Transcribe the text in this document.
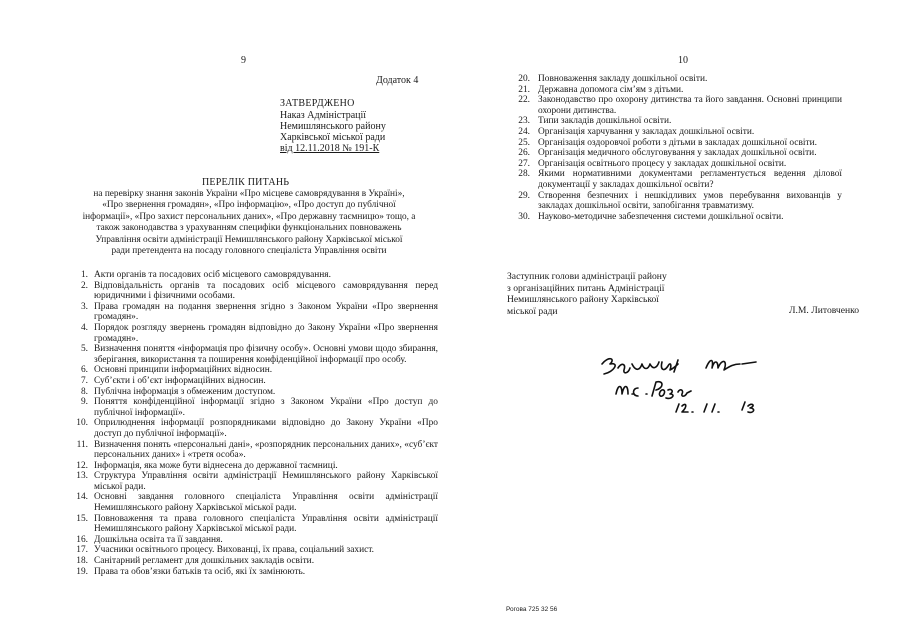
9
Додаток 4
ЗАТВЕРДЖЕНО
Наказ Адміністрації
Немишлянського району
Харківської міської ради
від 12.11.2018 № 191-К
ПЕРЕЛІК ПИТАНЬ
на перевірку знання законів України «Про місцеве самоврядування в Україні»,
«Про звернення громадян», «Про інформацію», «Про доступ до публічної
інформації», «Про захист персональних даних», «Про державну таємницю» тощо, а
також законодавства з урахуванням специфіки функціональних повноважень
Управління освіти адміністрації Немишлянського району Харківської міської
ради претендента на посаду головного спеціаліста Управління освіти
1. Акти органів та посадових осіб місцевого самоврядування.
2. Відповідальність органів та посадових осіб місцевого самоврядування перед юридичними і фізичними особами.
3. Права громадян на подання звернення згідно з Законом України «Про звернення громадян».
4. Порядок розгляду звернень громадян відповідно до Закону України «Про звернення громадян».
5. Визначення поняття «інформація про фізичну особу». Основні умови щодо збирання, зберігання, використання та поширення конфіденційної інформації про особу.
6. Основні принципи інформаційних відносин.
7. Суб’єкти і об’єкт інформаційних відносин.
8. Публічна інформація з обмеженим доступом.
9. Поняття конфіденційної інформації згідно з Законом України «Про доступ до публічної інформації».
10. Оприлюднення інформації розпорядниками відповідно до Закону України «Про доступ до публічної інформації».
11. Визначення понять «персональні дані», «розпорядник персональних даних», «суб’єкт персональних даних» і «третя особа».
12. Інформація, яка може бути віднесена до державної таємниці.
13. Структура Управління освіти адміністрації Немишлянського району Харківської міської ради.
14. Основні завдання головного спеціаліста Управління освіти адміністрації Немишлянського району Харківської міської ради.
15. Повноваження та права головного спеціаліста Управління освіти адміністрації Немишлянського району Харківської міської ради.
16. Дошкільна освіта та її завдання.
17. Учасники освітнього процесу. Вихованці, їх права, соціальний захист.
18. Санітарний регламент для дошкільних закладів освіти.
19. Права та обов’язки батьків та осіб, які їх замінюють.
10
20. Повноваження закладу дошкільної освіти.
21. Державна допомога сім’ям з дітьми.
22. Законодавство про охорону дитинства та його завдання. Основні принципи охорони дитинства.
23. Типи закладів дошкільної освіти.
24. Організація харчування у закладах дошкільної освіти.
25. Організація оздоровчої роботи з дітьми в закладах дошкільної освіти.
26. Організація медичного обслуговування у закладах дошкільної освіти.
27. Організація освітнього процесу у закладах дошкільної освіти.
28. Якими нормативними документами регламентується ведення ділової документації у закладах дошкільної освіти?
29. Створення безпечних і нешкідливих умов перебування вихованців у закладах дошкільної освіти, запобігання травматизму.
30. Науково-методичне забезпечення системи дошкільної освіти.
Заступник голови адміністрації району
з організаційних питань Адміністрації
Немишлянського району Харківської
міської ради	Л.М. Литовченко
Рогова 725 32 56
